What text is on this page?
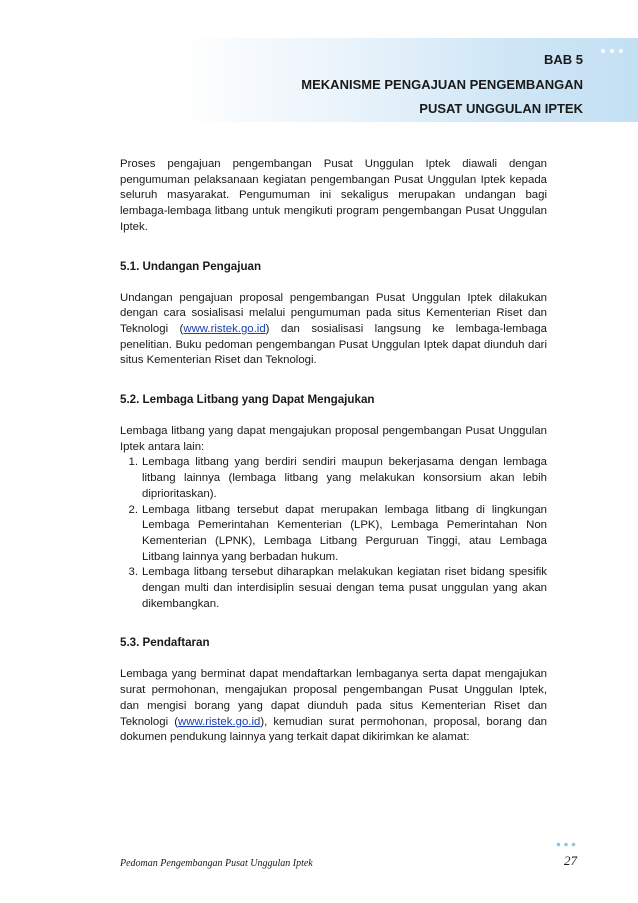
BAB 5

MEKANISME PENGAJUAN PENGEMBANGAN
PUSAT UNGGULAN IPTEK

Proses pengajuan pengembangan Pusat Unggulan Iptek diawali dengan pengumuman pelaksanaan kegiatan pengembangan Pusat Unggulan Iptek kepada seluruh masyarakat. Pengumuman ini sekaligus merupakan undangan bagi lembaga-lembaga litbang untuk mengikuti program pengembangan Pusat Unggulan Iptek.

5.1. Undangan Pengajuan

Undangan pengajuan proposal pengembangan Pusat Unggulan Iptek dilakukan dengan cara sosialisasi melalui pengumuman pada situs Kementerian Riset dan Teknologi (www.ristek.go.id) dan sosialisasi langsung ke lembaga-lembaga penelitian. Buku pedoman pengembangan Pusat Unggulan Iptek dapat diunduh dari situs Kementerian Riset dan Teknologi.

5.2. Lembaga Litbang yang Dapat Mengajukan

Lembaga litbang yang dapat mengajukan proposal pengembangan Pusat Unggulan Iptek antara lain:

1. Lembaga litbang yang berdiri sendiri maupun bekerjasama dengan lembaga litbang lainnya (lembaga litbang yang melakukan konsorsium akan lebih diprioritaskan).
2. Lembaga litbang tersebut dapat merupakan lembaga litbang di lingkungan Lembaga Pemerintahan Kementerian (LPK), Lembaga Pemerintahan Non Kementerian (LPNK), Lembaga Litbang Perguruan Tinggi, atau Lembaga Litbang lainnya yang berbadan hukum.
3. Lembaga litbang tersebut diharapkan melakukan kegiatan riset bidang spesifik dengan multi dan interdisiplin sesuai dengan tema pusat unggulan yang akan dikembangkan.
5.3. Pendaftaran

Lembaga yang berminat dapat mendaftarkan lembaganya serta dapat mengajukan surat permohonan, mengajukan proposal pengembangan Pusat Unggulan Iptek, dan mengisi borang yang dapat diunduh pada situs Kementerian Riset dan Teknologi (www.ristek.go.id), kemudian surat permohonan, proposal, borang dan dokumen pendukung lainnya yang terkait dapat dikirimkan ke alamat:

Pedoman Pengembangan Pusat Unggulan Iptek	27
